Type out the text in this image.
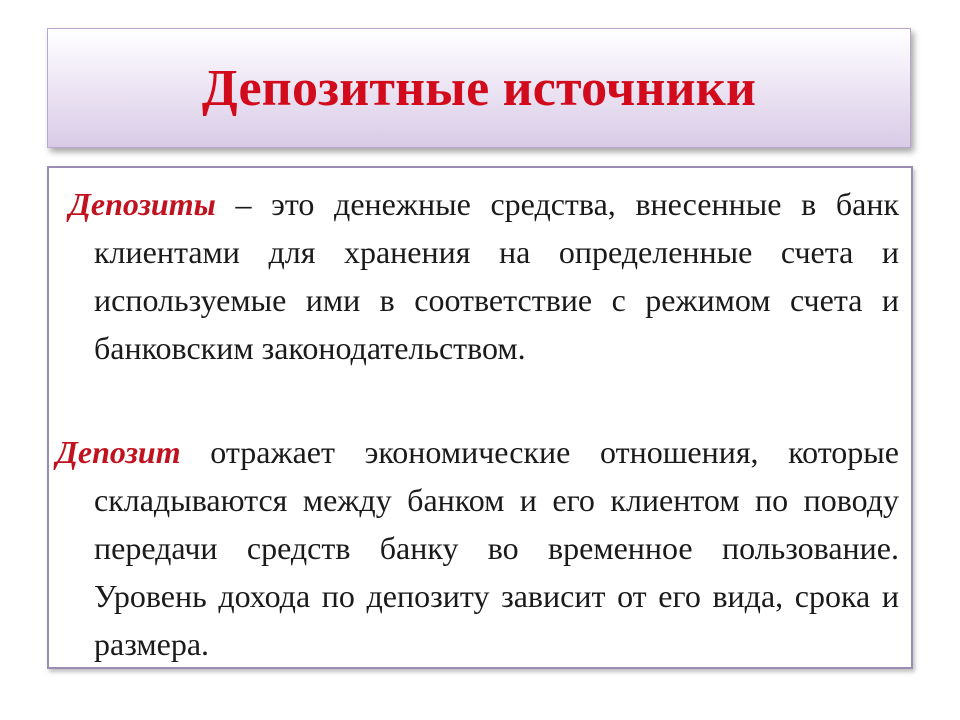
Депозитные источники

Депозиты – это денежные средства, внесенные в банк клиентами для хранения на определенные счета и используемые ими в соответствие с режимом счета и банковским законодательством.

Депозит отражает экономические отношения, которые складываются между банком и его клиентом по поводу передачи средств банку во временное пользование. Уровень дохода по депозиту зависит от его вида, срока и размера.
